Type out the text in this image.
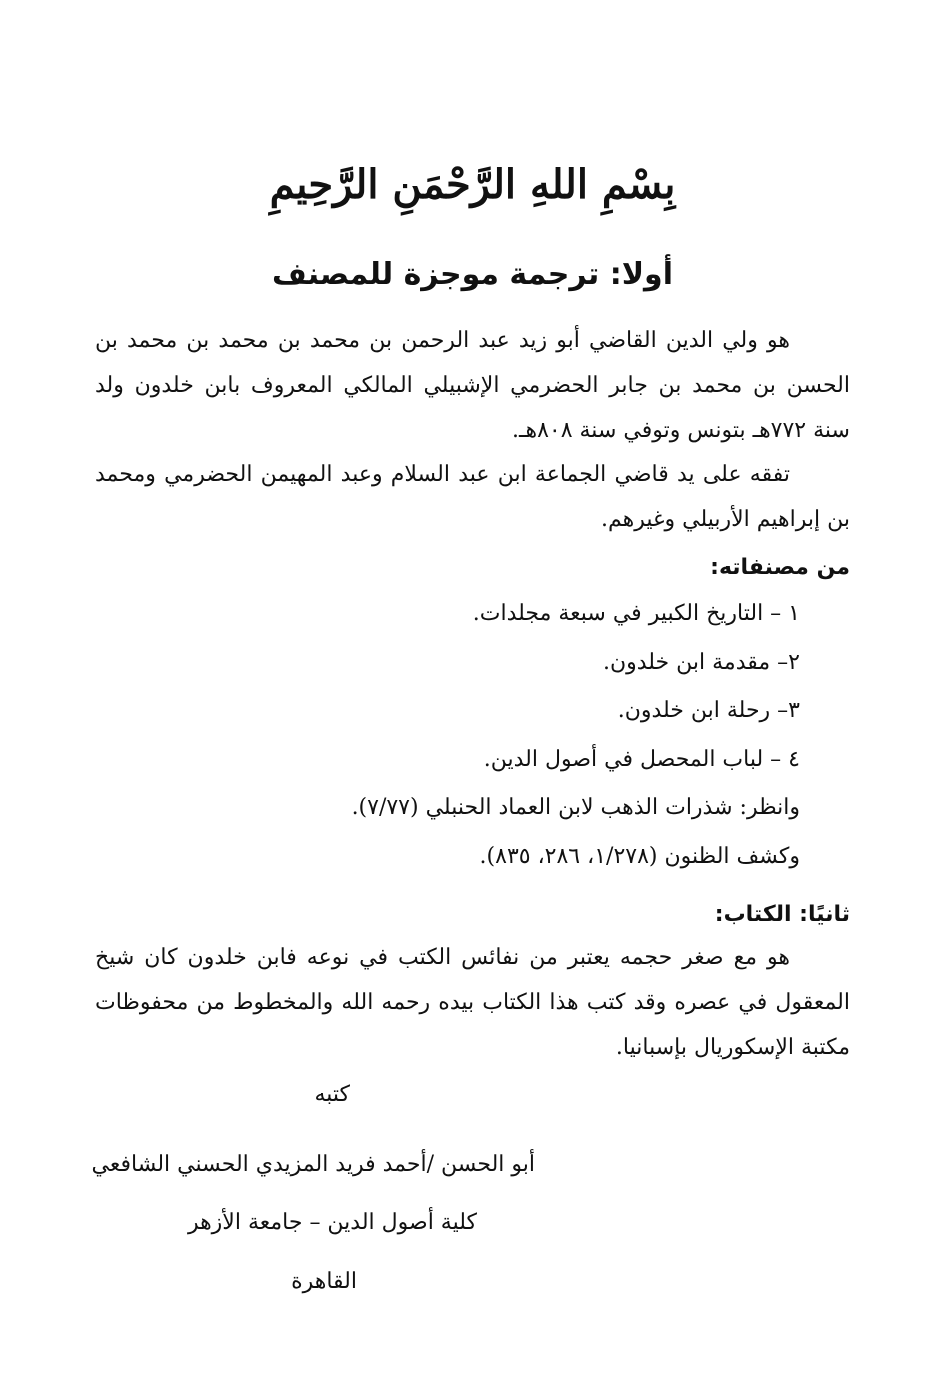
بِسْمِ اللهِ الرَّحْمَنِ الرَّحِيمِ
أولا: ترجمة موجزة للمصنف

هو ولي الدين القاضي أبو زيد عبد الرحمن بن محمد بن محمد بن محمد بن الحسن بن محمد بن جابر الحضرمي الإشبيلي المالكي المعروف بابن خلدون ولد سنة ٧٧٢هـ بتونس وتوفي سنة ٨٠٨هـ.

تفقه على يد قاضي الجماعة ابن عبد السلام وعبد المهيمن الحضرمي ومحمد بن إبراهيم الأربيلي وغيرهم.

من مصنفاته:
١ – التاريخ الكبير في سبعة مجلدات.
٢– مقدمة ابن خلدون.
٣– رحلة ابن خلدون.
٤ – لباب المحصل في أصول الدين.
وانظر: شذرات الذهب لابن العماد الحنبلي (٧/٧٧).
وكشف الظنون (١/٢٧٨، ٢٨٦، ٨٣٥).
ثانيًا: الكتاب:

هو مع صغر حجمه يعتبر من نفائس الكتب في نوعه فابن خلدون كان شيخ المعقول في عصره وقد كتب هذا الكتاب بيده رحمه الله والمخطوط من محفوظات مكتبة الإسكوريال بإسبانيا.

كتبه
أبو الحسن /أحمد فريد المزيدي الحسني الشافعي
كلية أصول الدين – جامعة الأزهر
القاهرة
